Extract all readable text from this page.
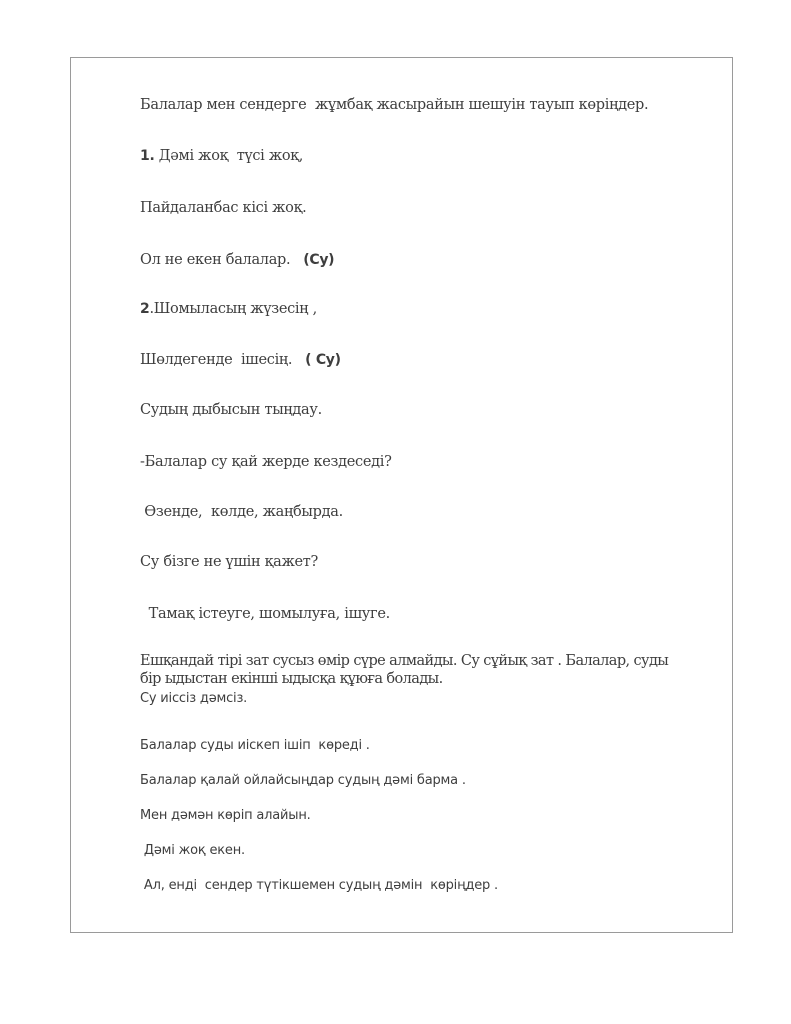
Балалар мен сендерге  жұмбақ жасырайын шешуін тауып көріңдер.
1. Дәмі жоқ  түсі жоқ,
Пайдаланбас кісі жоқ.
Ол не екен балалар.   (Су)
2.Шомыласың жүзесің ,
Шөлдегенде  ішесің.   ( Су)
Судың дыбысын тыңдау.
-Балалар су қай жерде кездеседі?
Өзенде,  көлде, жаңбырда.
Су бізге не үшін қажет?
Тамақ істеуге, шомылуға, ішуге.
Ешқандай тірі зат сусыз өмір сүре алмайды. Су сұйық зат . Балалар, суды
бір ыдыстан екінші ыдысқа құюға болады.
Су иіссіз дәмсіз.
Балалар суды иіскеп ішіп  көреді .
Балалар қалай ойлайсыңдар судың дәмі барма .
Мен дәмән көріп алайын.
Дәмі жоқ екен.
Ал, енді  сендер түтікшемен судың дәмін  көріңдер .
